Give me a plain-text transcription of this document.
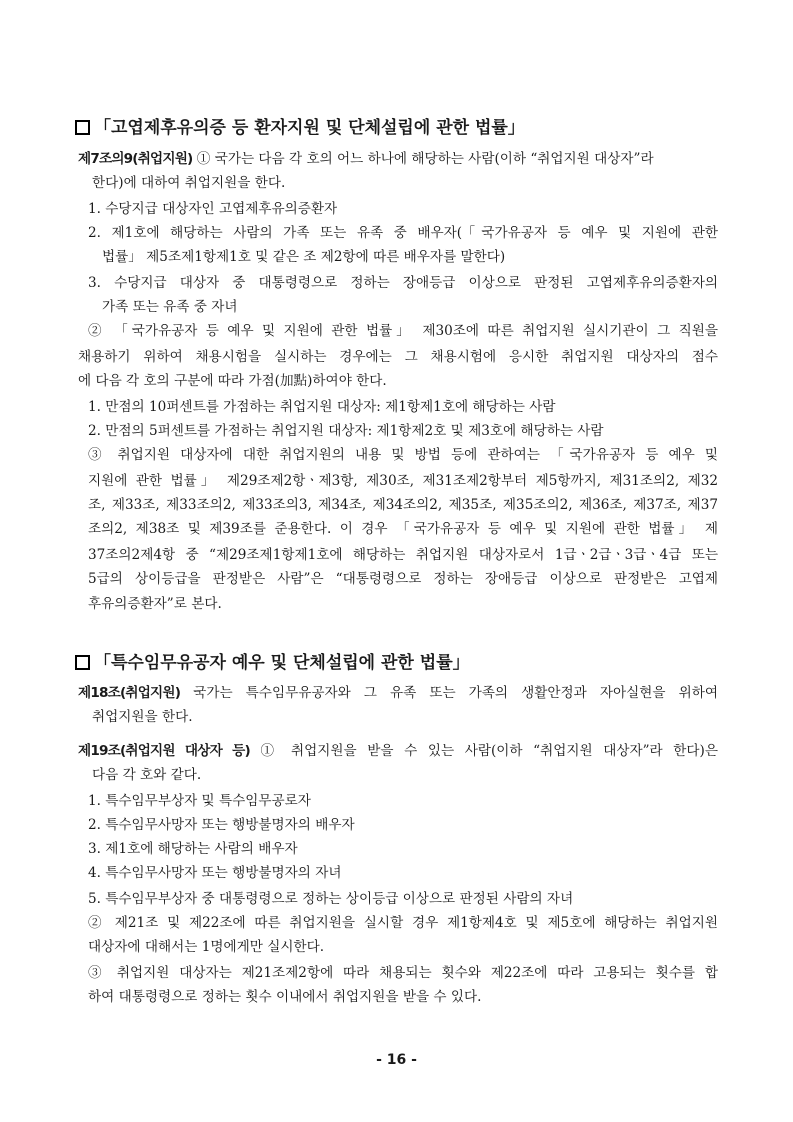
「고엽제후유의증 등 환자지원 및 단체설립에 관한 법률」
제7조의9(취업지원) ① 국가는 다음 각 호의 어느 하나에 해당하는 사람(이하 “취업지원 대상자”라
한다)에 대하여 취업지원을 한다.
1. 수당지급 대상자인 고엽제후유의증환자
2. 제1호에 해당하는 사람의 가족 또는 유족 중 배우자(「국가유공자 등 예우 및 지원에 관한
법률」 제5조제1항제1호 및 같은 조 제2항에 따른 배우자를 말한다)
3. 수당지급 대상자 중 대통령령으로 정하는 장애등급 이상으로 판정된 고엽제후유의증환자의
가족 또는 유족 중 자녀
② 「국가유공자 등 예우 및 지원에 관한 법률」 제30조에 따른 취업지원 실시기관이 그 직원을
채용하기 위하여 채용시험을 실시하는 경우에는 그 채용시험에 응시한 취업지원 대상자의 점수
에 다음 각 호의 구분에 따라 가점(加點)하여야 한다.
1. 만점의 10퍼센트를 가점하는 취업지원 대상자: 제1항제1호에 해당하는 사람
2. 만점의 5퍼센트를 가점하는 취업지원 대상자: 제1항제2호 및 제3호에 해당하는 사람
③ 취업지원 대상자에 대한 취업지원의 내용 및 방법 등에 관하여는 「국가유공자 등 예우 및
지원에 관한 법률」 제29조제2항ㆍ제3항, 제30조, 제31조제2항부터 제5항까지, 제31조의2, 제32
조, 제33조, 제33조의2, 제33조의3, 제34조, 제34조의2, 제35조, 제35조의2, 제36조, 제37조, 제37
조의2, 제38조 및 제39조를 준용한다. 이 경우 「국가유공자 등 예우 및 지원에 관한 법률」 제
37조의2제4항 중 “제29조제1항제1호에 해당하는 취업지원 대상자로서 1급ㆍ2급ㆍ3급ㆍ4급 또는
5급의 상이등급을 판정받은 사람”은 “대통령령으로 정하는 장애등급 이상으로 판정받은 고엽제
후유의증환자”로 본다.
「특수임무유공자 예우 및 단체설립에 관한 법률」
제18조(취업지원) 국가는 특수임무유공자와 그 유족 또는 가족의 생활안정과 자아실현을 위하여
취업지원을 한다.
제19조(취업지원 대상자 등) ① 취업지원을 받을 수 있는 사람(이하 “취업지원 대상자”라 한다)은
다음 각 호와 같다.
1. 특수임무부상자 및 특수임무공로자
2. 특수임무사망자 또는 행방불명자의 배우자
3. 제1호에 해당하는 사람의 배우자
4. 특수임무사망자 또는 행방불명자의 자녀
5. 특수임무부상자 중 대통령령으로 정하는 상이등급 이상으로 판정된 사람의 자녀
② 제21조 및 제22조에 따른 취업지원을 실시할 경우 제1항제4호 및 제5호에 해당하는 취업지원
대상자에 대해서는 1명에게만 실시한다.
③ 취업지원 대상자는 제21조제2항에 따라 채용되는 횟수와 제22조에 따라 고용되는 횟수를 합
하여 대통령령으로 정하는 횟수 이내에서 취업지원을 받을 수 있다.
- 16 -
